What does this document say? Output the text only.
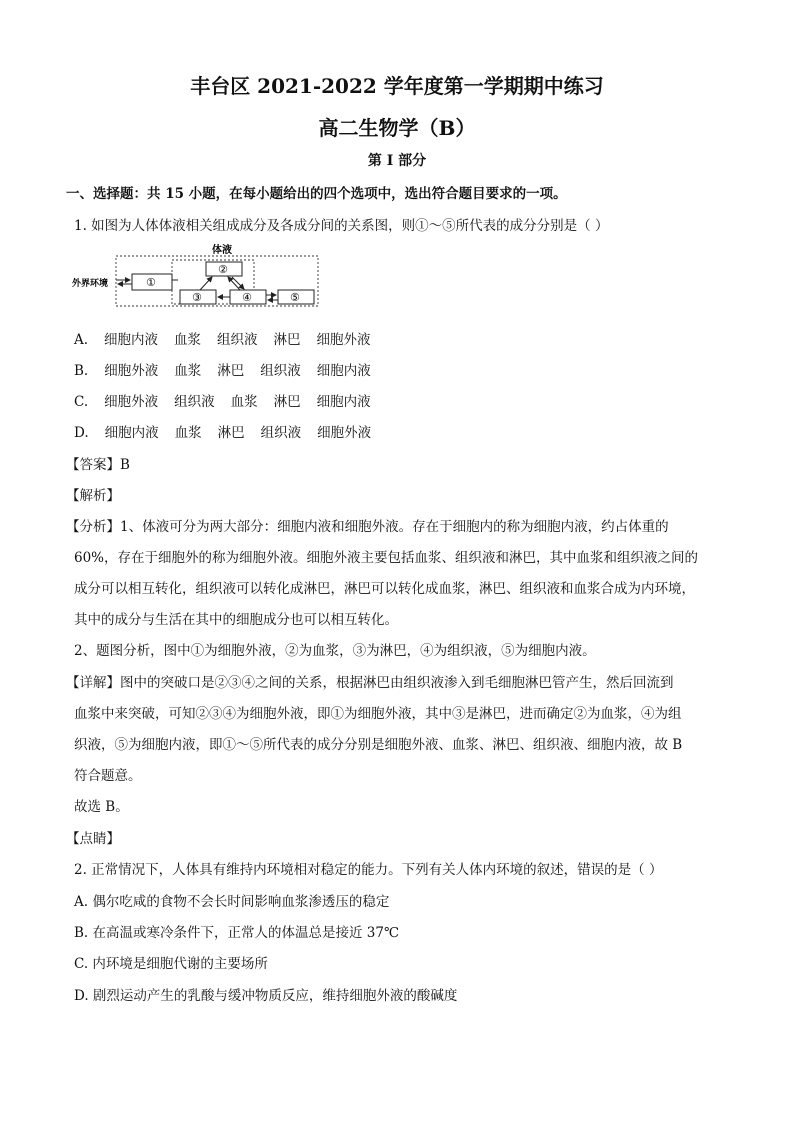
丰台区 2021-2022 学年度第一学期期中练习
高二生物学（B）
第 I 部分
一、选择题：共 15 小题，在每小题给出的四个选项中，选出符合题目要求的一项。
1. 如图为人体体液相关组成成分及各成分间的关系图，则①～⑤所代表的成分分别是（ ）
体液
外界环境	①
②
③	④	⑤
A. 细胞内液 血浆 组织液 淋巴 细胞外液
B. 细胞外液 血浆 淋巴 组织液 细胞内液
C. 细胞外液 组织液 血浆 淋巴 细胞内液
D. 细胞内液 血浆 淋巴 组织液 细胞外液
【答案】B
【解析】
【分析】1、体液可分为两大部分：细胞内液和细胞外液。存在于细胞内的称为细胞内液，约占体重的
60%，存在于细胞外的称为细胞外液。细胞外液主要包括血浆、组织液和淋巴，其中血浆和组织液之间的
成分可以相互转化，组织液可以转化成淋巴，淋巴可以转化成血浆，淋巴、组织液和血浆合成为内环境，
其中的成分与生活在其中的细胞成分也可以相互转化。
2、题图分析，图中①为细胞外液，②为血浆，③为淋巴，④为组织液，⑤为细胞内液。
【详解】图中的突破口是②③④之间的关系，根据淋巴由组织液渗入到毛细胞淋巴管产生，然后回流到
血浆中来突破，可知②③④为细胞外液，即①为细胞外液，其中③是淋巴，进而确定②为血浆，④为组
织液，⑤为细胞内液，即①～⑤所代表的成分分别是细胞外液、血浆、淋巴、组织液、细胞内液，故 B
符合题意。
故选 B。
【点睛】
2. 正常情况下，人体具有维持内环境相对稳定的能力。下列有关人体内环境的叙述，错误的是（ ）
A. 偶尔吃咸的食物不会长时间影响血浆渗透压的稳定
B. 在高温或寒冷条件下，正常人的体温总是接近 37℃
C. 内环境是细胞代谢的主要场所
D. 剧烈运动产生的乳酸与缓冲物质反应，维持细胞外液的酸碱度
